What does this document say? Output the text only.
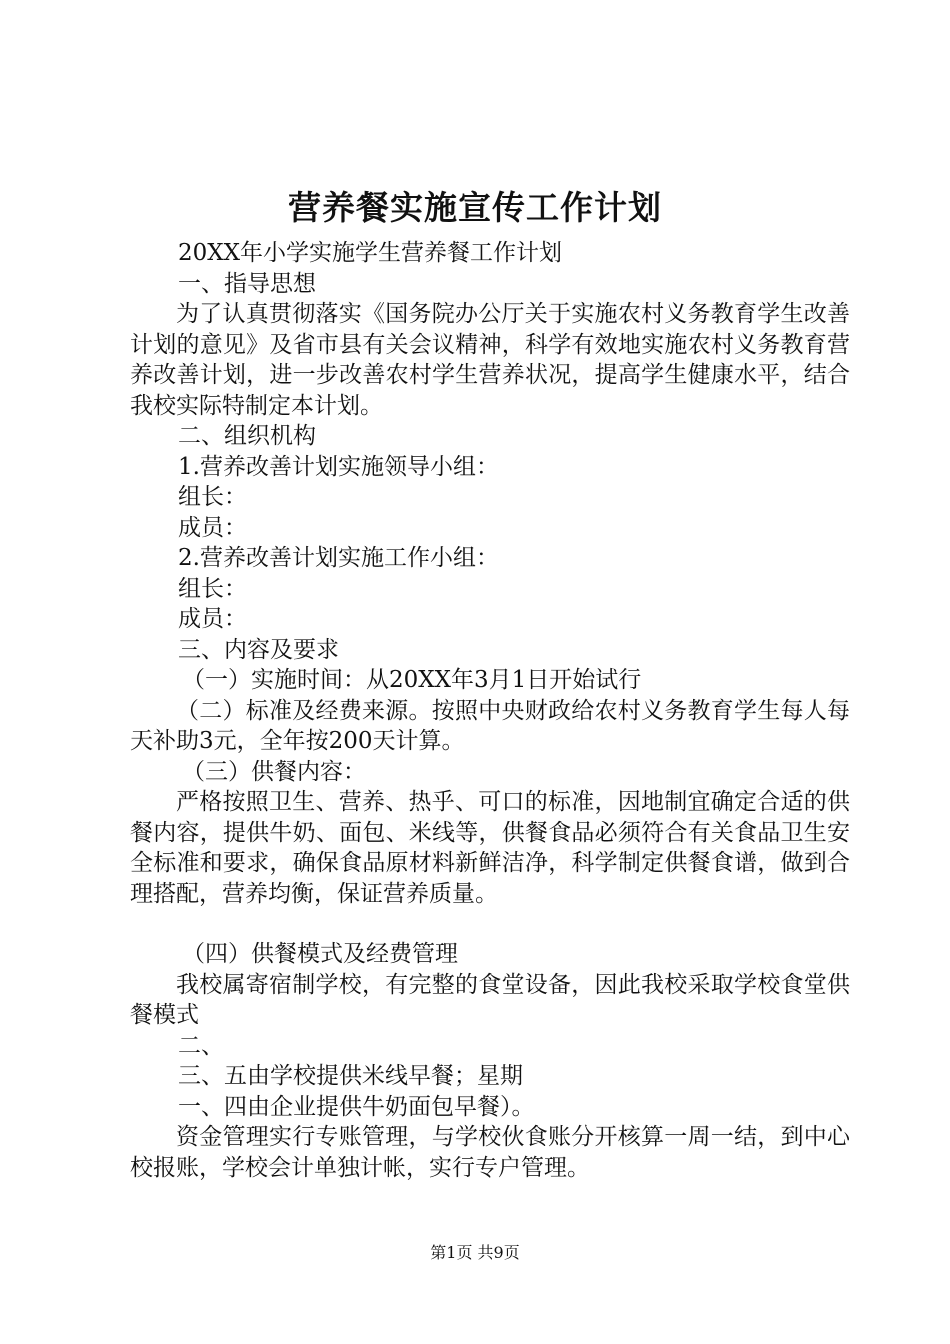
营养餐实施宣传工作计划
20XX年小学实施学生营养餐工作计划
一、指导思想
为了认真贯彻落实《国务院办公厅关于实施农村义务教育学生改善计划的意见》及省市县有关会议精神，科学有效地实施农村义务教育营养改善计划，进一步改善农村学生营养状况，提高学生健康水平，结合我校实际特制定本计划。
二、组织机构
1.营养改善计划实施领导小组：
组长：
成员：
2.营养改善计划实施工作小组：
组长：
成员：
三、内容及要求
（一）实施时间：从20XX年3月1日开始试行
（二）标准及经费来源。按照中央财政给农村义务教育学生每人每天补助3元，全年按200天计算。
（三）供餐内容：
严格按照卫生、营养、热乎、可口的标准，因地制宜确定合适的供餐内容，提供牛奶、面包、米线等，供餐食品必须符合有关食品卫生安全标准和要求，确保食品原材料新鲜洁净，科学制定供餐食谱，做到合理搭配，营养均衡，保证营养质量。
（四）供餐模式及经费管理
我校属寄宿制学校，有完整的食堂设备，因此我校采取学校食堂供餐模式
二、
三、五由学校提供米线早餐；星期
一、四由企业提供牛奶面包早餐）。
资金管理实行专账管理，与学校伙食账分开核算一周一结，到中心校报账，学校会计单独计帐，实行专户管理。
第1页 共9页
